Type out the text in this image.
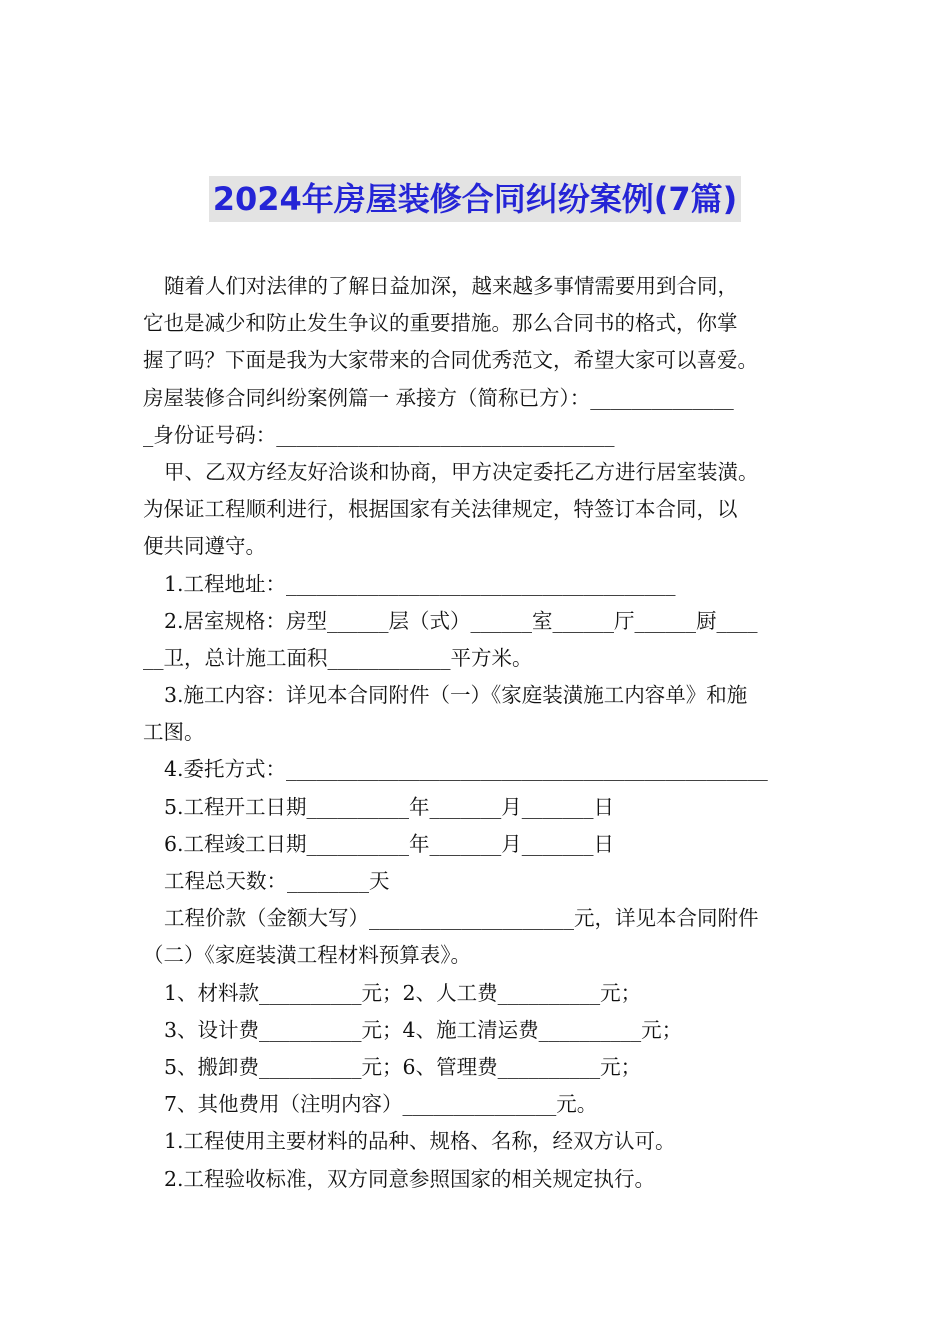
2024年房屋装修合同纠纷案例(7篇)
随着人们对法律的了解日益加深，越来越多事情需要用到合同，
它也是减少和防止发生争议的重要措施。那么合同书的格式，你掌
握了吗？下面是我为大家带来的合同优秀范文，希望大家可以喜爱。
房屋装修合同纠纷案例篇一 承接方（简称已方）：______________
_身份证号码：_________________________________
甲、乙双方经友好洽谈和协商，甲方决定委托乙方进行居室装潢。
为保证工程顺利进行，根据国家有关法律规定，特签订本合同，以
便共同遵守。
1.工程地址：______________________________________
2.居室规格：房型______层（式）______室______厅______厨____
__卫，总计施工面积____________平方米。
3.施工内容：详见本合同附件（一）《家庭装潢施工内容单》和施
工图。
4.委托方式：_______________________________________________
5.工程开工日期__________年_______月_______日
6.工程竣工日期__________年_______月_______日
工程总天数：________天
工程价款（金额大写）____________________元，详见本合同附件
（二）《家庭装潢工程材料预算表》。
1、材料款__________元；2、人工费__________元；
3、设计费__________元；4、施工清运费__________元；
5、搬卸费__________元；6、管理费__________元；
7、其他费用（注明内容）_______________元。
1.工程使用主要材料的品种、规格、名称，经双方认可。
2.工程验收标准，双方同意参照国家的相关规定执行。
